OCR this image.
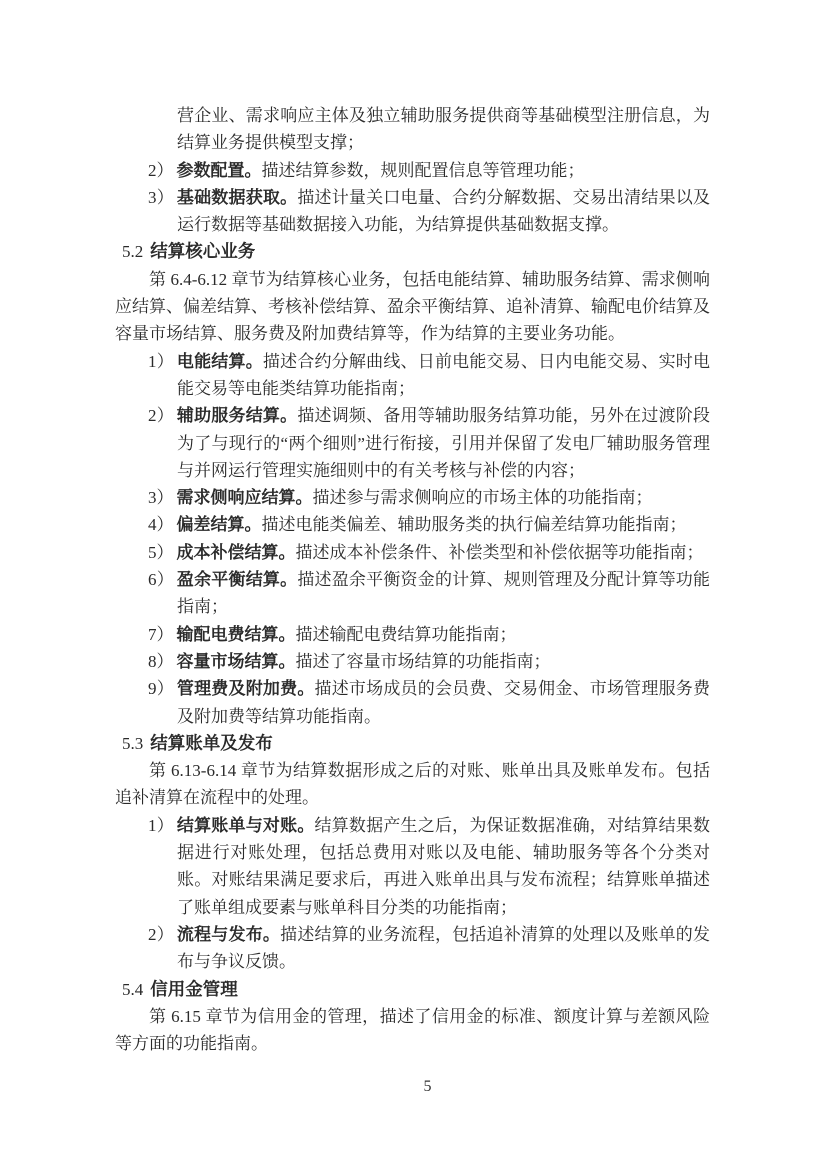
营企业、需求响应主体及独立辅助服务提供商等基础模型注册信息，为结算业务提供模型支撑；

2） 参数配置。描述结算参数，规则配置信息等管理功能；

3） 基础数据获取。描述计量关口电量、合约分解数据、交易出清结果以及运行数据等基础数据接入功能，为结算提供基础数据支撑。

5.2 结算核心业务

第 6.4-6.12 章节为结算核心业务，包括电能结算、辅助服务结算、需求侧响应结算、偏差结算、考核补偿结算、盈余平衡结算、追补清算、输配电价结算及容量市场结算、服务费及附加费结算等，作为结算的主要业务功能。

1） 电能结算。描述合约分解曲线、日前电能交易、日内电能交易、实时电能交易等电能类结算功能指南；

2） 辅助服务结算。描述调频、备用等辅助服务结算功能，另外在过渡阶段为了与现行的“两个细则”进行衔接，引用并保留了发电厂辅助服务管理与并网运行管理实施细则中的有关考核与补偿的内容；

3） 需求侧响应结算。描述参与需求侧响应的市场主体的功能指南；

4） 偏差结算。描述电能类偏差、辅助服务类的执行偏差结算功能指南；

5） 成本补偿结算。描述成本补偿条件、补偿类型和补偿依据等功能指南；

6） 盈余平衡结算。描述盈余平衡资金的计算、规则管理及分配计算等功能指南；

7） 输配电费结算。描述输配电费结算功能指南；

8） 容量市场结算。描述了容量市场结算的功能指南；

9） 管理费及附加费。描述市场成员的会员费、交易佣金、市场管理服务费及附加费等结算功能指南。

5.3 结算账单及发布

第 6.13-6.14 章节为结算数据形成之后的对账、账单出具及账单发布。包括追补清算在流程中的处理。

1） 结算账单与对账。结算数据产生之后，为保证数据准确，对结算结果数据进行对账处理，包括总费用对账以及电能、辅助服务等各个分类对账。对账结果满足要求后，再进入账单出具与发布流程；结算账单描述了账单组成要素与账单科目分类的功能指南；

2） 流程与发布。描述结算的业务流程，包括追补清算的处理以及账单的发布与争议反馈。

5.4 信用金管理

第 6.15 章节为信用金的管理，描述了信用金的标准、额度计算与差额风险等方面的功能指南。

5
